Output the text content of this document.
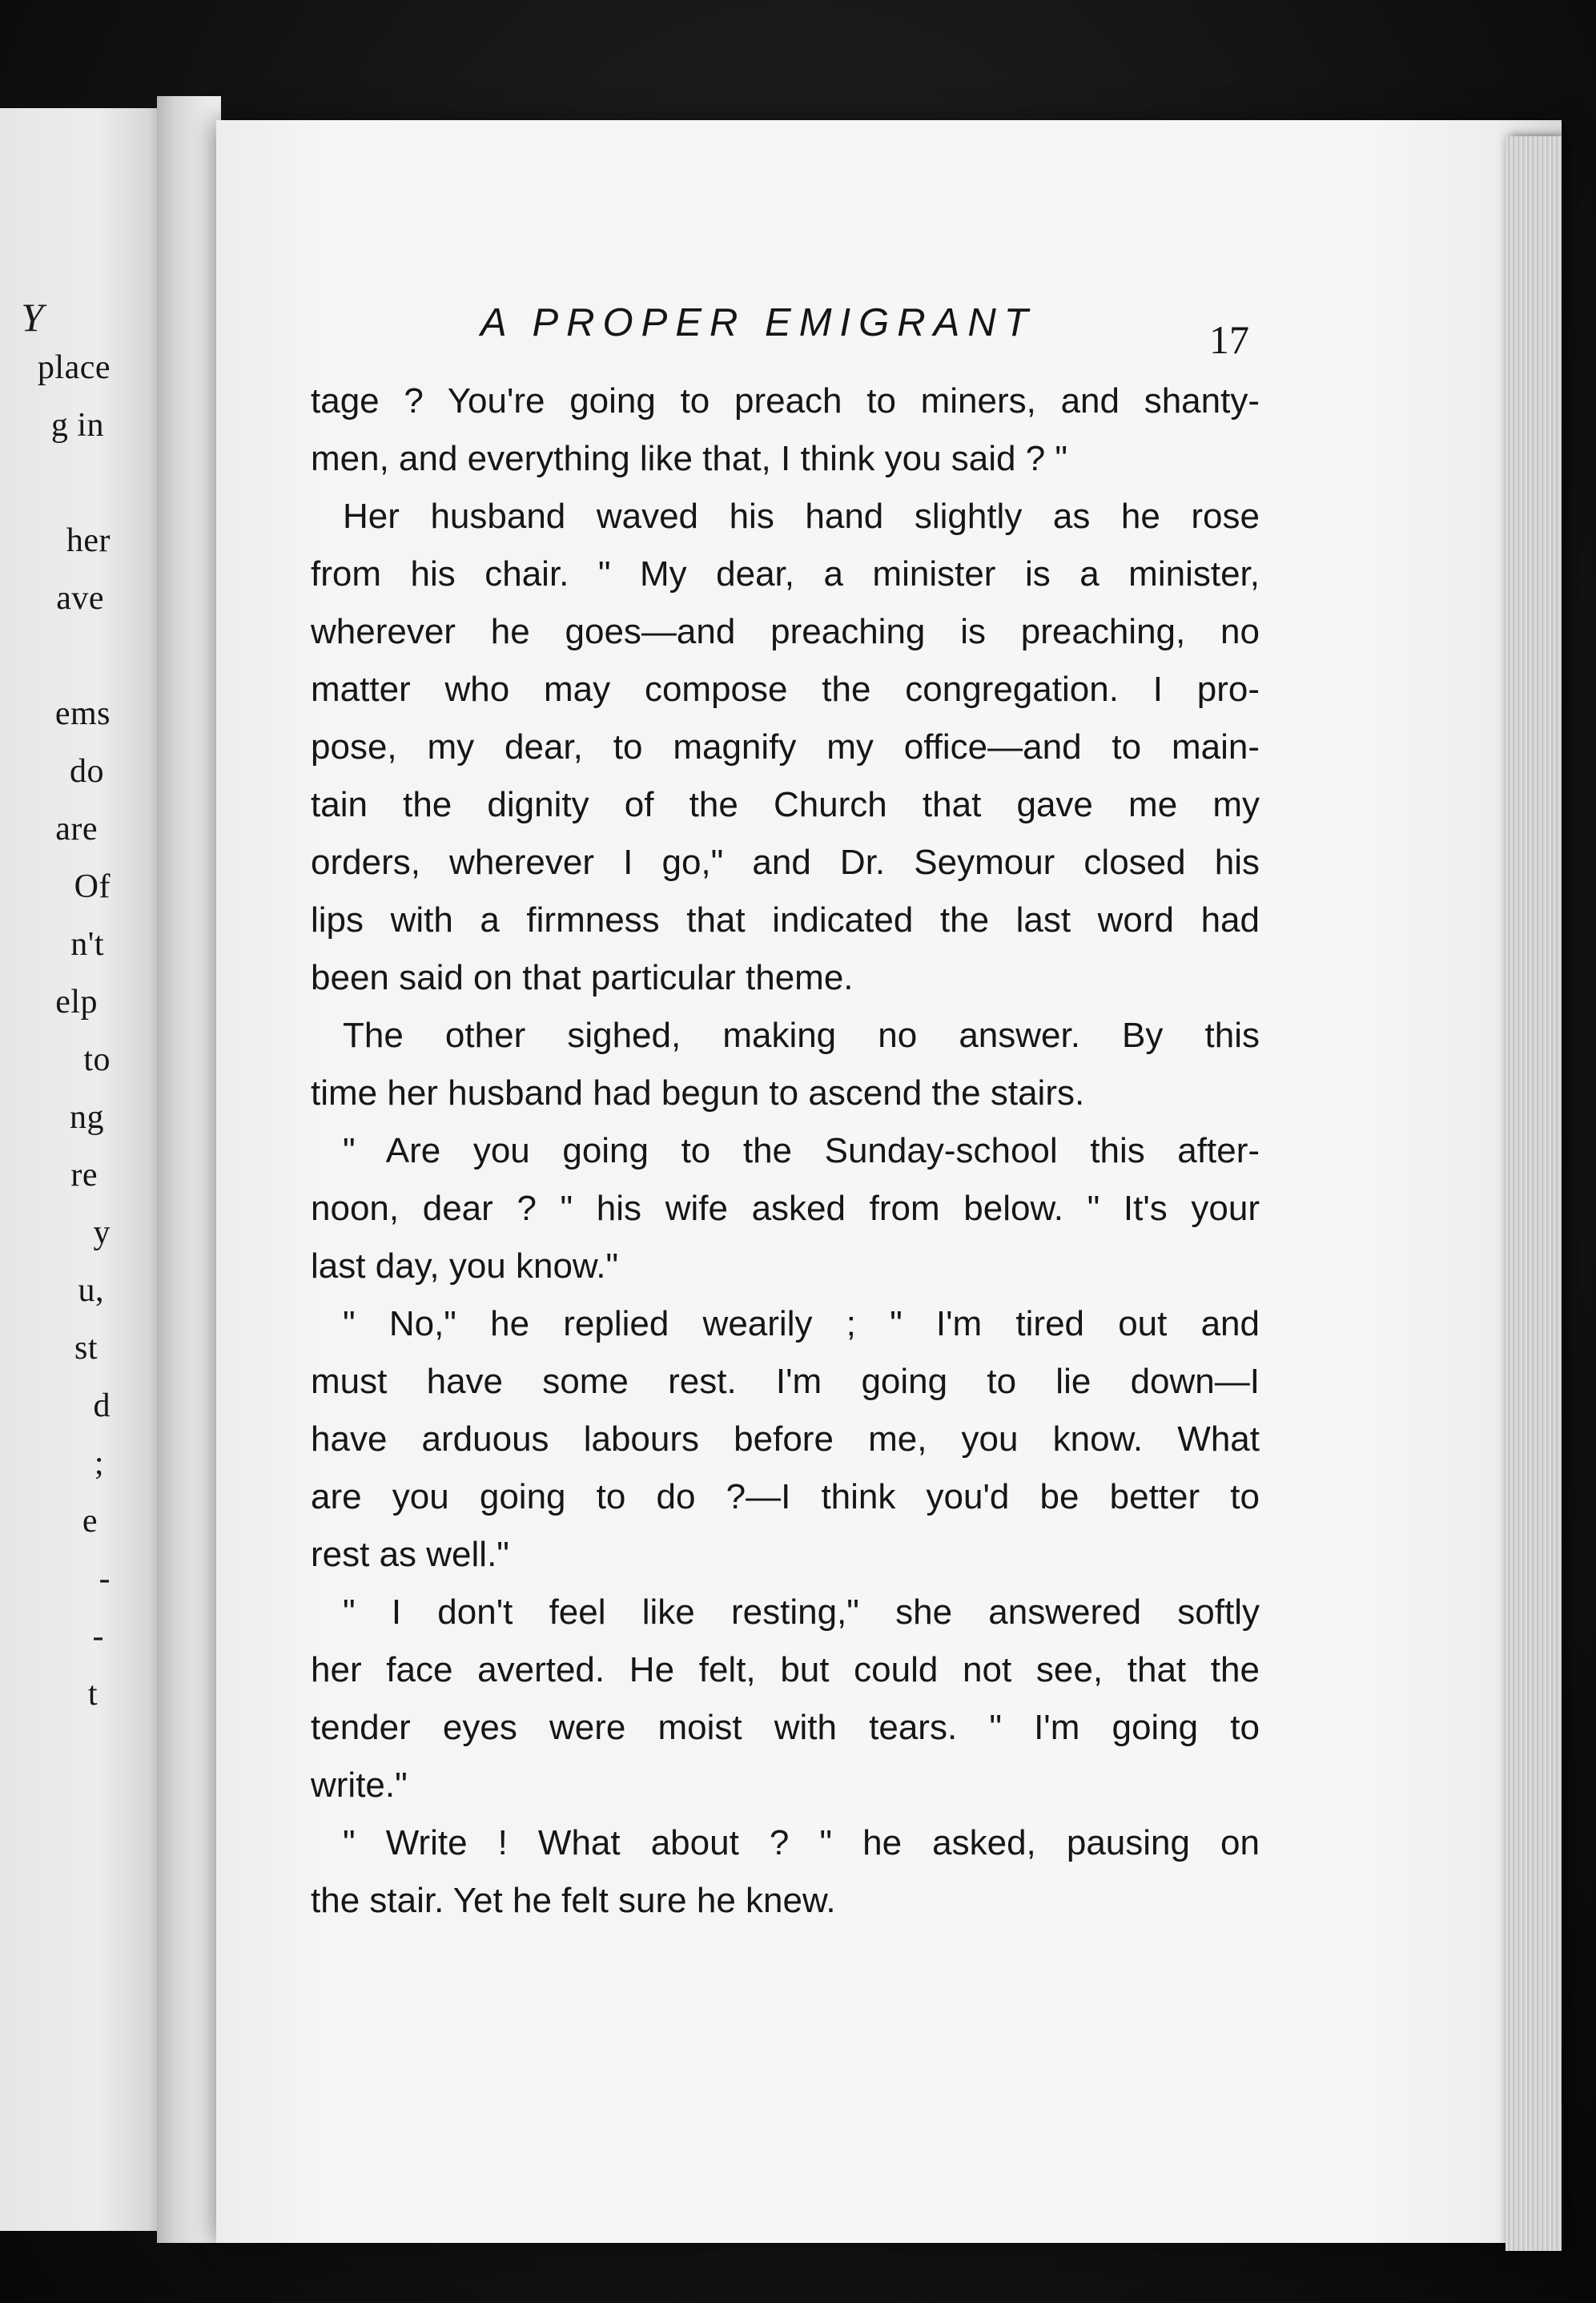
Y
place
g in
her
ave
ems
do
are
Of
n't
elp
to
ng
re
y
u,
st
d
;
e
-
-
t
A PROPER EMIGRANT	17
tage ? You're going to preach to miners, and shanty-
men, and everything like that, I think you said ? "
Her husband waved his hand slightly as he rose
from his chair. " My dear, a minister is a minister,
wherever he goes—and preaching is preaching, no
matter who may compose the congregation. I pro-
pose, my dear, to magnify my office—and to main-
tain the dignity of the Church that gave me my
orders, wherever I go," and Dr. Seymour closed his
lips with a firmness that indicated the last word had
been said on that particular theme.
The other sighed, making no answer. By this
time her husband had begun to ascend the stairs.
" Are you going to the Sunday-school this after-
noon, dear ? " his wife asked from below. " It's your
last day, you know."
" No," he replied wearily ; " I'm tired out and
must have some rest. I'm going to lie down—I
have arduous labours before me, you know. What
are you going to do ?—I think you'd be better to
rest as well."
" I don't feel like resting," she answered softly
her face averted. He felt, but could not see, that the
tender eyes were moist with tears. " I'm going to
write."
" Write ! What about ? " he asked, pausing on
the stair. Yet he felt sure he knew.
